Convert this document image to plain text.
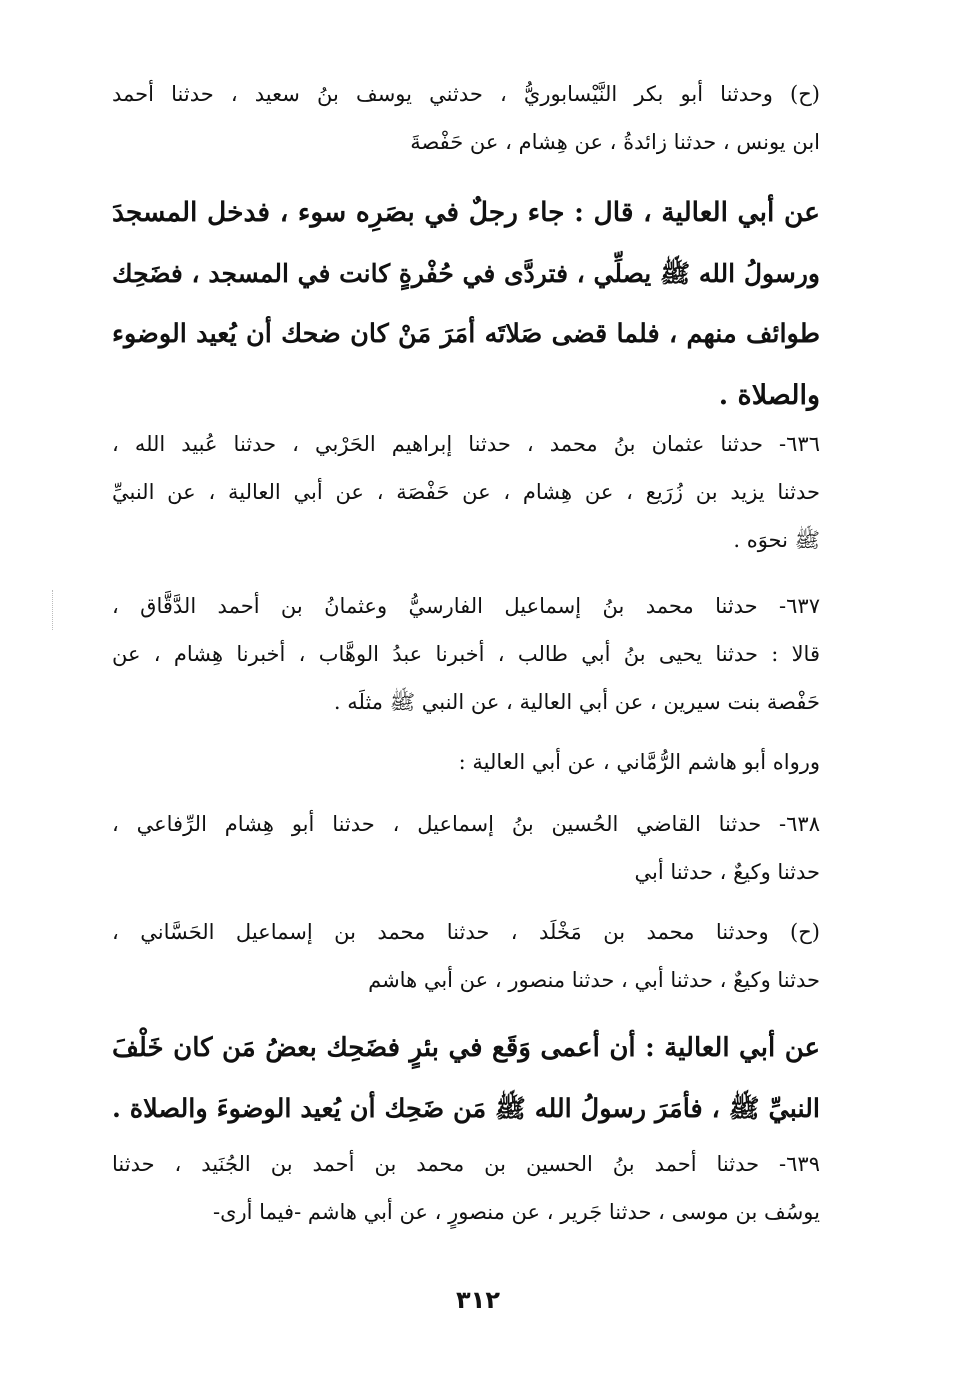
(ح) وحدثنا أبو بكر النَّيْسابوريُّ ، حدثني يوسف بنُ سعيد ، حدثنا أحمد
ابن يونس ، حدثنا زائدةُ ، عن هِشام ، عن حَفْصةَ
عن أبي العالية ، قال : جاء رجلٌ في بصَرِه سوء ، فدخل المسجدَ
ورسولُ الله ﷺ يصلِّي ، فتردَّى في حُفْرةٍ كانت في المسجد ، فضَحِك
طوائف منهم ، فلما قضى صَلاتَه أمَرَ مَنْ كان ضحك أن يُعيد الوضوء
والصلاة .
٦٣٦- حدثنا عثمان بنُ محمد ، حدثنا إبراهيم الحَرْبي ، حدثنا عُبيد الله ،
حدثنا يزيد بن زُرَيع ، عن هِشام ، عن حَفْصَة ، عن أبي العالية ، عن النبيِّ
ﷺ نحوَه .
٦٣٧- حدثنا محمد بنُ إسماعيل الفارسيُّ وعثمانُ بن أحمد الدَّقَّاق ،
قالا : حدثنا يحيى بنُ أبي طالب ، أخبرنا عبدُ الوهَّاب ، أخبرنا هِشام ، عن
حَفْصة بنت سيرين ، عن أبي العالية ، عن النبي ﷺ مثلَه .
ورواه أبو هاشم الرُّمَّاني ، عن أبي العالية :
٦٣٨- حدثنا القاضي الحُسين بنُ إسماعيل ، حدثنا أبو هِشام الرِّفاعي ،
حدثنا وكيعٌ ، حدثنا أبي
(ح) وحدثنا محمد بن مَخْلَد ، حدثنا محمد بن إسماعيل الحَسَّاني ،
حدثنا وكيعٌ ، حدثنا أبي ، حدثنا منصور ، عن أبي هاشم
عن أبي العالية : أن أعمى وَقَع في بئرٍ فضَحِك بعضُ مَن كان خَلْفَ
النبيِّ ﷺ ، فأمَرَ رسولُ الله ﷺ مَن ضَحِك أن يُعيد الوضوءَ والصلاة .
٦٣٩- حدثنا أحمد بنُ الحسين بن محمد بن أحمد بن الجُنَيد ، حدثنا
يوسُف بن موسى ، حدثنا جَرير ، عن منصورٍ ، عن أبي هاشم -فيما أرى-
٣١٢
